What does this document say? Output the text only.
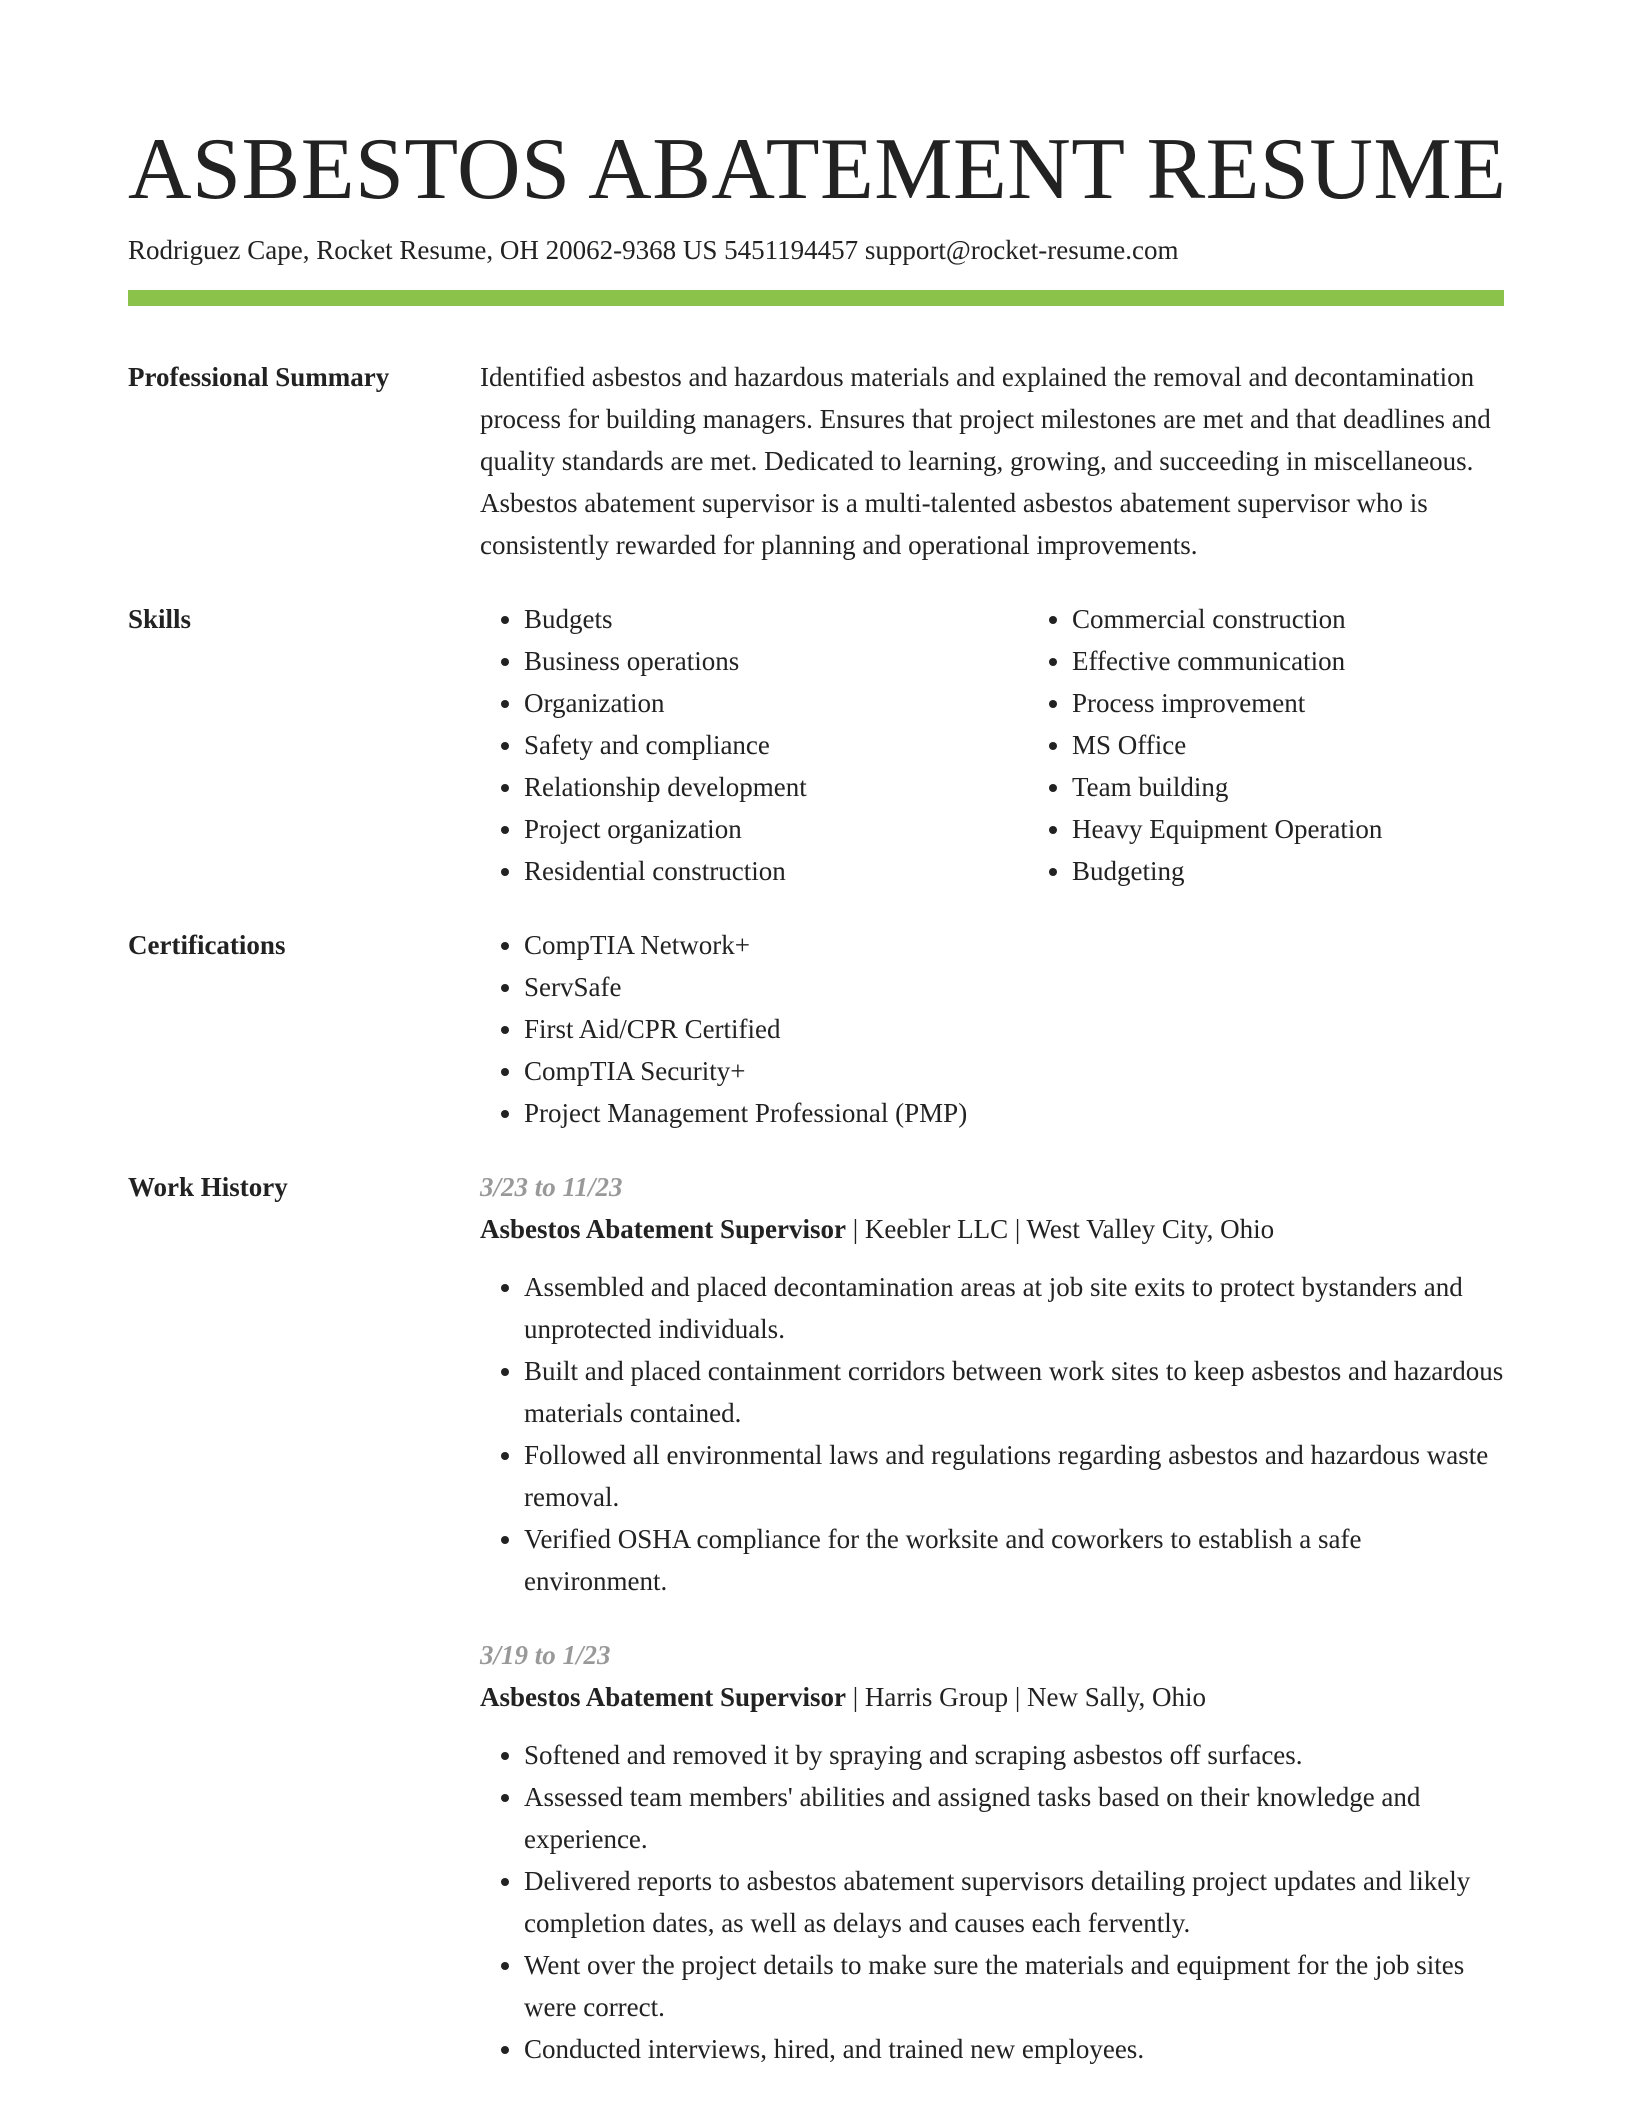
ASBESTOS ABATEMENT RESUME
Rodriguez Cape, Rocket Resume, OH 20062-9368 US 5451194457 support@rocket-resume.com
Professional Summary	Identified asbestos and hazardous materials and explained the removal and decontamination process for building managers. Ensures that project milestones are met and that deadlines and quality standards are met. Dedicated to learning, growing, and succeeding in miscellaneous. Asbestos abatement supervisor is a multi-talented asbestos abatement supervisor who is consistently rewarded for planning and operational improvements.

Skills	• Budgets
• Business operations
• Organization
• Safety and compliance
• Relationship development
• Project organization
• Residential construction
• Commercial construction
• Effective communication
• Process improvement
• MS Office
• Team building
• Heavy Equipment Operation
• Budgeting
Certifications	• CompTIA Network+
• ServSafe
• First Aid/CPR Certified
• CompTIA Security+
• Project Management Professional (PMP)
Work History	3/23 to 11/23
Asbestos Abatement Supervisor | Keebler LLC | West Valley City, Ohio
• Assembled and placed decontamination areas at job site exits to protect bystanders and unprotected individuals.
• Built and placed containment corridors between work sites to keep asbestos and hazardous materials contained.
• Followed all environmental laws and regulations regarding asbestos and hazardous waste removal.
• Verified OSHA compliance for the worksite and coworkers to establish a safe environment.
3/19 to 1/23
Asbestos Abatement Supervisor | Harris Group | New Sally, Ohio
• Softened and removed it by spraying and scraping asbestos off surfaces.
• Assessed team members' abilities and assigned tasks based on their knowledge and experience.
• Delivered reports to asbestos abatement supervisors detailing project updates and likely completion dates, as well as delays and causes each fervently.
• Went over the project details to make sure the materials and equipment for the job sites were correct.
• Conducted interviews, hired, and trained new employees.
